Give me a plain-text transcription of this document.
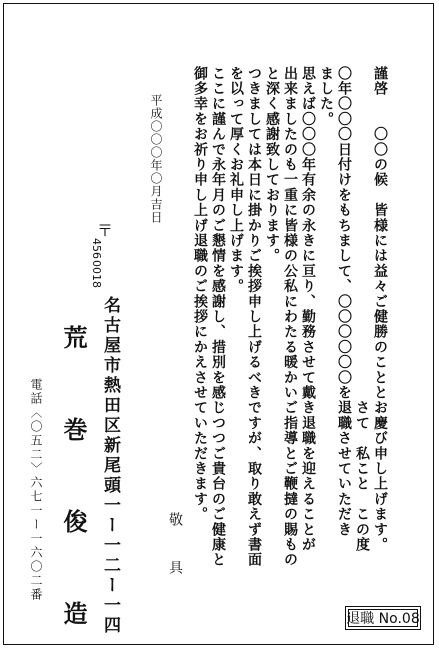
謹啓　　〇〇の候　皆様には益々ご健勝のこととお慶び申し上げます。
　　　　　　　　　　　　　　　　　　　　　　さて　私こと　この度
〇年〇〇〇日付けをもちまして、〇〇〇〇〇〇を退職させていただき
ました。
思えば〇〇〇年有余の永きに亘り、勤務させて戴き退職を迎えることが
出来ましたのも一重に皆様の公私にわたる暖かいご指導とご鞭撻の賜もの
と深く感謝致しております。
つきましては本日に掛かりご挨拶申し上げるべきですが、取り敢えず書面
を以って厚くお礼申し上げます。
ここに謹んで永年月のご懇情を感謝し、措別を感じつつご貴台のご健康と
御多幸をお祈り申し上げ退職のご挨拶にかえさせていただきます。
敬　具
平成〇〇〇年〇月吉日
〒
456
0018
名古屋市熱田区新尾頭一ー一二ー一四
荒　巻　俊　造
電話〈〇五二〉六七一ー一六〇二番
退職 No.08
